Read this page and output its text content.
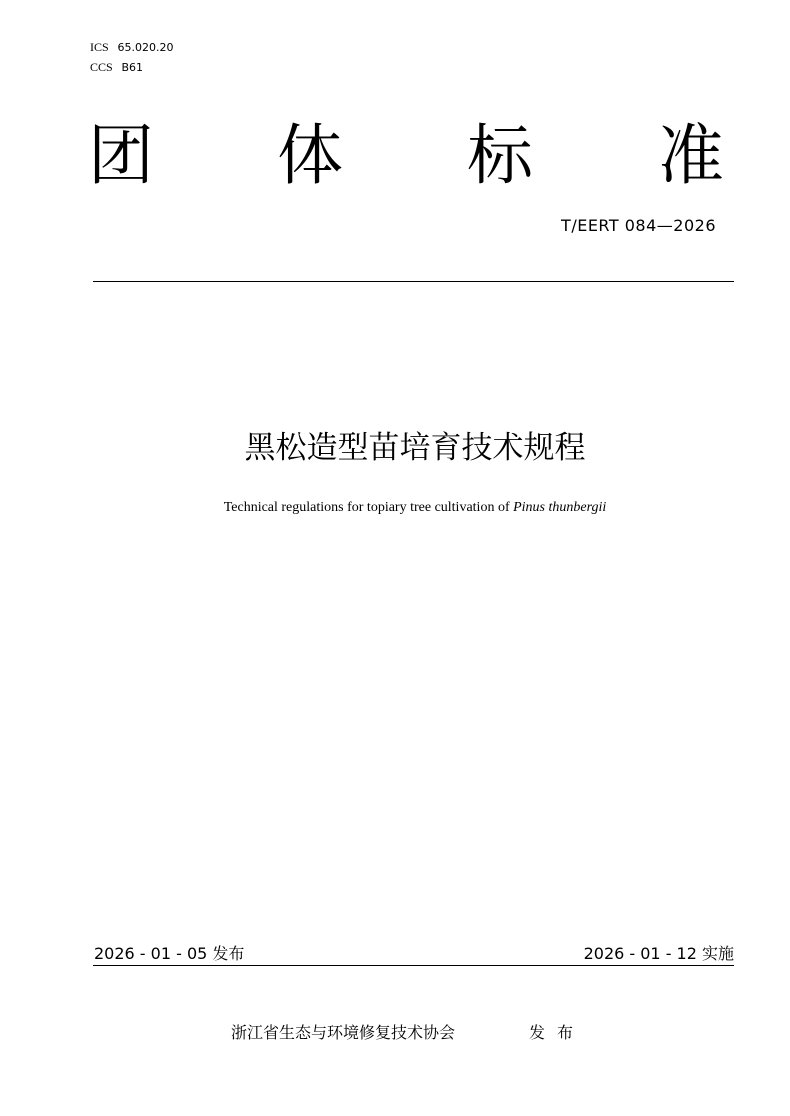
ICS 65.020.20
CCS B61
团 体 标 准
T/EERT 084—2026
黑松造型苗培育技术规程
Technical regulations for topiary tree cultivation of Pinus thunbergii
2026 - 01 - 05 发布	2026 - 01 - 12 实施
浙江省生态与环境修复技术协会	发布
